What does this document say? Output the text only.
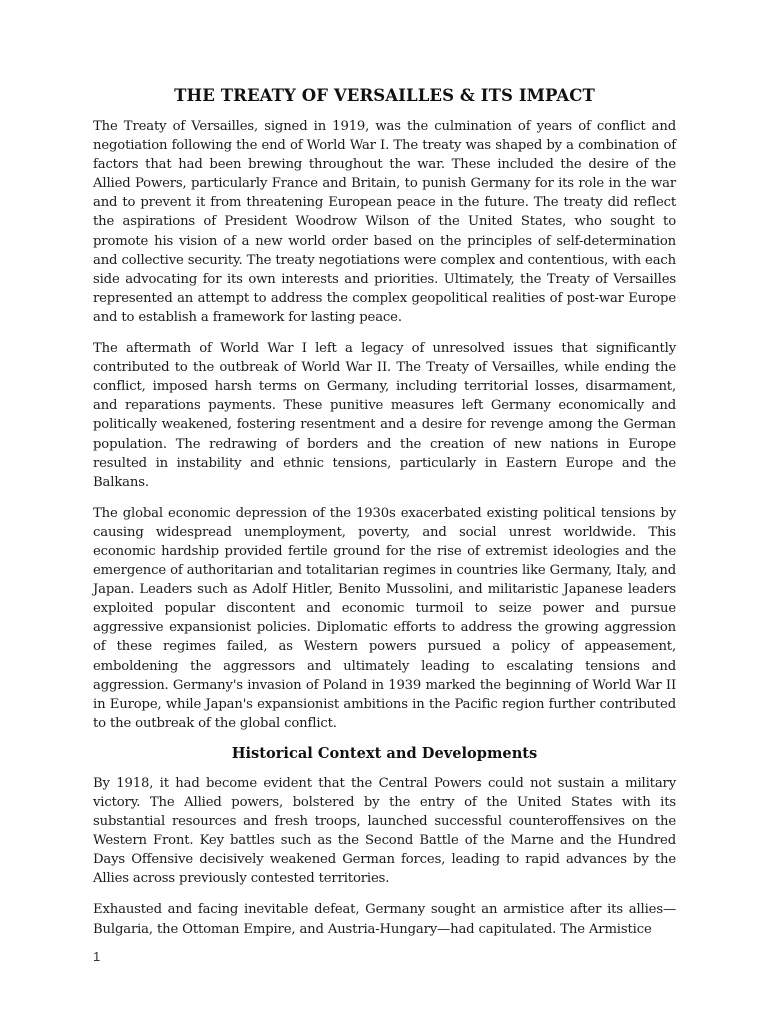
THE TREATY OF VERSAILLES & ITS IMPACT

The Treaty of Versailles, signed in 1919, was the culmination of years of conflict and negotiation following the end of World War I. The treaty was shaped by a combination of factors that had been brewing throughout the war. These included the desire of the Allied Powers, particularly France and Britain, to punish Germany for its role in the war and to prevent it from threatening European peace in the future. The treaty did reflect the aspirations of President Woodrow Wilson of the United States, who sought to promote his vision of a new world order based on the principles of self-determination and collective security. The treaty negotiations were complex and contentious, with each side advocating for its own interests and priorities. Ultimately, the Treaty of Versailles represented an attempt to address the complex geopolitical realities of post-war Europe and to establish a framework for lasting peace.

The aftermath of World War I left a legacy of unresolved issues that significantly contributed to the outbreak of World War II. The Treaty of Versailles, while ending the conflict, imposed harsh terms on Germany, including territorial losses, disarmament, and reparations payments. These punitive measures left Germany economically and politically weakened, fostering resentment and a desire for revenge among the German population. The redrawing of borders and the creation of new nations in Europe resulted in instability and ethnic tensions, particularly in Eastern Europe and the Balkans.

The global economic depression of the 1930s exacerbated existing political tensions by causing widespread unemployment, poverty, and social unrest worldwide. This economic hardship provided fertile ground for the rise of extremist ideologies and the emergence of authoritarian and totalitarian regimes in countries like Germany, Italy, and Japan. Leaders such as Adolf Hitler, Benito Mussolini, and militaristic Japanese leaders exploited popular discontent and economic turmoil to seize power and pursue aggressive expansionist policies. Diplomatic efforts to address the growing aggression of these regimes failed, as Western powers pursued a policy of appeasement, emboldening the aggressors and ultimately leading to escalating tensions and aggression. Germany's invasion of Poland in 1939 marked the beginning of World War II in Europe, while Japan's expansionist ambitions in the Pacific region further contributed to the outbreak of the global conflict.

Historical Context and Developments

By 1918, it had become evident that the Central Powers could not sustain a military victory. The Allied powers, bolstered by the entry of the United States with its substantial resources and fresh troops, launched successful counteroffensives on the Western Front. Key battles such as the Second Battle of the Marne and the Hundred Days Offensive decisively weakened German forces, leading to rapid advances by the Allies across previously contested territories.

Exhausted and facing inevitable defeat, Germany sought an armistice after its allies—Bulgaria, the Ottoman Empire, and Austria-Hungary—had capitulated. The Armistice

1
